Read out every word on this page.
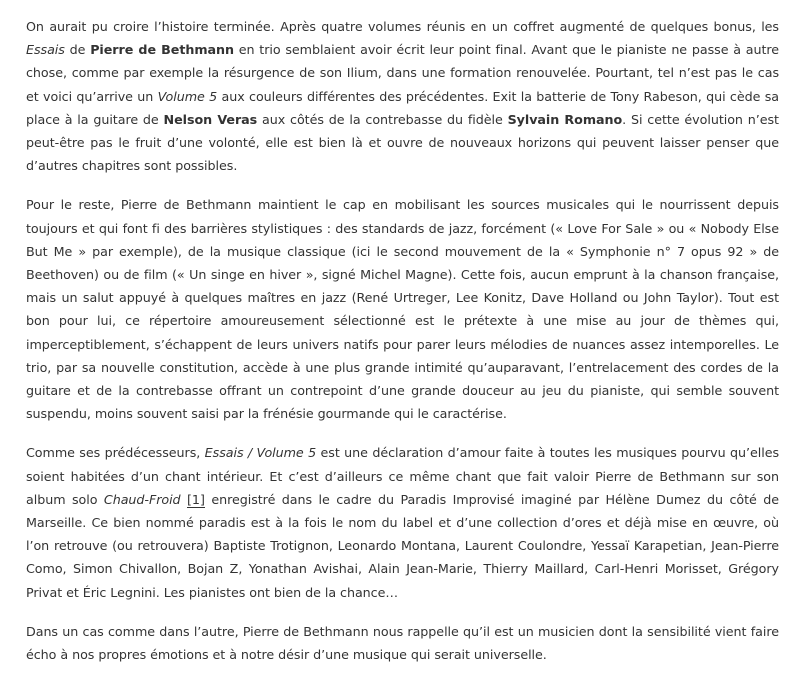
On aurait pu croire l’histoire terminée. Après quatre volumes réunis en un coffret augmenté de quelques bonus, les Essais de Pierre de Bethmann en trio semblaient avoir écrit leur point final. Avant que le pianiste ne passe à autre chose, comme par exemple la résurgence de son Ilium, dans une formation renouvelée. Pourtant, tel n’est pas le cas et voici qu’arrive un Volume 5 aux couleurs différentes des précédentes. Exit la batterie de Tony Rabeson, qui cède sa place à la guitare de Nelson Veras aux côtés de la contrebasse du fidèle Sylvain Romano. Si cette évolution n’est peut-être pas le fruit d’une volonté, elle est bien là et ouvre de nouveaux horizons qui peuvent laisser penser que d’autres chapitres sont possibles.

Pour le reste, Pierre de Bethmann maintient le cap en mobilisant les sources musicales qui le nourrissent depuis toujours et qui font fi des barrières stylistiques : des standards de jazz, forcément (« Love For Sale » ou « Nobody Else But Me » par exemple), de la musique classique (ici le second mouvement de la « Symphonie n° 7 opus 92 » de Beethoven) ou de film (« Un singe en hiver », signé Michel Magne). Cette fois, aucun emprunt à la chanson française, mais un salut appuyé à quelques maîtres en jazz (René Urtreger, Lee Konitz, Dave Holland ou John Taylor). Tout est bon pour lui, ce répertoire amoureusement sélectionné est le prétexte à une mise au jour de thèmes qui, imperceptiblement, s’échappent de leurs univers natifs pour parer leurs mélodies de nuances assez intemporelles. Le trio, par sa nouvelle constitution, accède à une plus grande intimité qu’auparavant, l’entrelacement des cordes de la guitare et de la contrebasse offrant un contrepoint d’une grande douceur au jeu du pianiste, qui semble souvent suspendu, moins souvent saisi par la frénésie gourmande qui le caractérise.

Comme ses prédécesseurs, Essais / Volume 5 est une déclaration d’amour faite à toutes les musiques pourvu qu’elles soient habitées d’un chant intérieur. Et c’est d’ailleurs ce même chant que fait valoir Pierre de Bethmann sur son album solo Chaud-Froid [1] enregistré dans le cadre du Paradis Improvisé imaginé par Hélène Dumez du côté de Marseille. Ce bien nommé paradis est à la fois le nom du label et d’une collection d’ores et déjà mise en œuvre, où l’on retrouve (ou retrouvera) Baptiste Trotignon, Leonardo Montana, Laurent Coulondre, Yessaï Karapetian, Jean-Pierre Como, Simon Chivallon, Bojan Z, Yonathan Avishai, Alain Jean-Marie, Thierry Maillard, Carl-Henri Morisset, Grégory Privat et Éric Legnini. Les pianistes ont bien de la chance…

Dans un cas comme dans l’autre, Pierre de Bethmann nous rappelle qu’il est un musicien dont la sensibilité vient faire écho à nos propres émotions et à notre désir d’une musique qui serait universelle.
